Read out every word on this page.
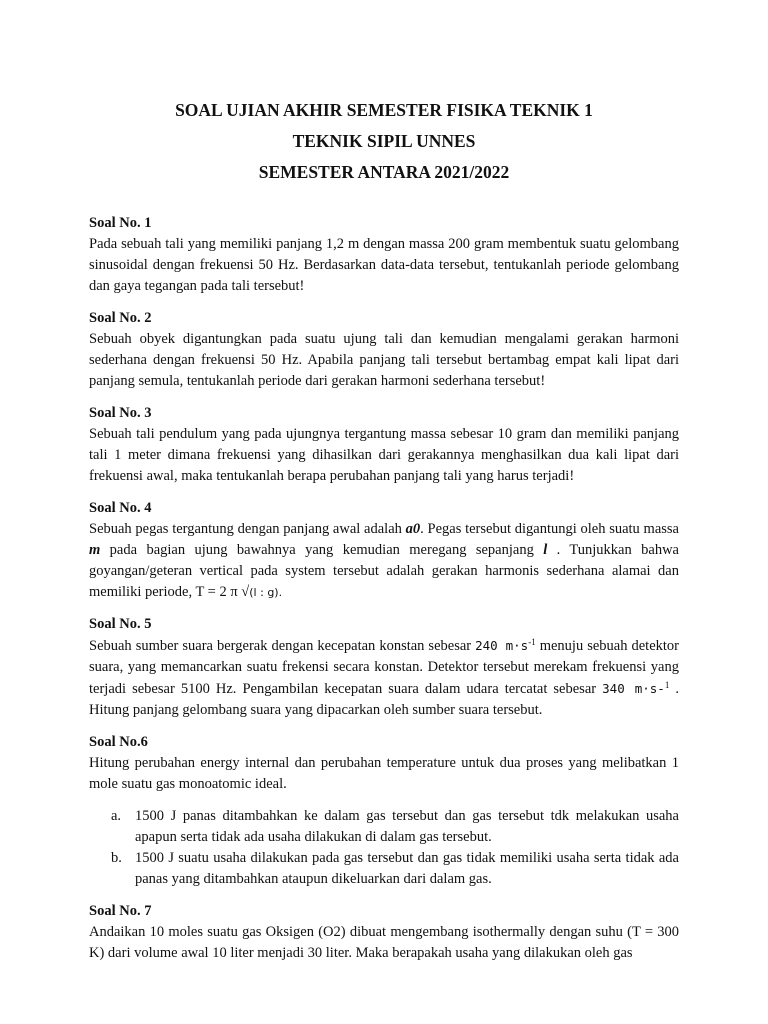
SOAL UJIAN AKHIR SEMESTER FISIKA TEKNIK 1
TEKNIK SIPIL UNNES
SEMESTER ANTARA 2021/2022
Soal No. 1
Pada sebuah tali yang memiliki panjang 1,2 m dengan massa 200 gram membentuk suatu gelombang sinusoidal dengan frekuensi 50 Hz. Berdasarkan data-data tersebut, tentukanlah periode gelombang dan gaya tegangan pada tali tersebut!
Soal No. 2
Sebuah obyek digantungkan pada suatu ujung tali dan kemudian mengalami gerakan harmoni sederhana dengan frekuensi 50 Hz. Apabila panjang tali tersebut bertambag empat kali lipat dari panjang semula, tentukanlah periode dari gerakan harmoni sederhana tersebut!
Soal No. 3
Sebuah tali pendulum yang pada ujungnya tergantung massa sebesar 10 gram dan memiliki panjang tali 1 meter dimana frekuensi yang dihasilkan dari gerakannya menghasilkan dua kali lipat dari frekuensi awal, maka tentukanlah berapa perubahan panjang tali yang harus terjadi!
Soal No. 4
Sebuah pegas tergantung dengan panjang awal adalah a0. Pegas tersebut digantungi oleh suatu massa m pada bagian ujung bawahnya yang kemudian meregang sepanjang l . Tunjukkan bahwa goyangan/geteran vertical pada system tersebut adalah gerakan harmonis sederhana alamai dan memiliki periode, T = 2 π √(l : g).
Soal No. 5
Sebuah sumber suara bergerak dengan kecepatan konstan sebesar 240 $m\cdot s^{-1}$ menuju sebuah detektor suara, yang memancarkan suatu frekensi secara konstan. Detektor tersebut merekam frekuensi yang terjadi sebesar 5100 Hz. Pengambilan kecepatan suara dalam udara tercatat sebesar 340 m·s-$^1$ . Hitung panjang gelombang suara yang dipacarkan oleh sumber suara tersebut.
Soal No.6
Hitung perubahan energy internal dan perubahan temperature untuk dua proses yang melibatkan 1 mole suatu gas monoatomic ideal.
a. 1500 J panas ditambahkan ke dalam gas tersebut dan gas tersebut tdk melakukan usaha apapun serta tidak ada usaha dilakukan di dalam gas tersebut.
b. 1500 J suatu usaha dilakukan pada gas tersebut dan gas tidak memiliki usaha serta tidak ada panas yang ditambahkan ataupun dikeluarkan dari dalam gas.
Soal No. 7
Andaikan 10 moles suatu gas Oksigen (O2) dibuat mengembang isothermally dengan suhu (T = 300 K) dari volume awal 10 liter menjadi 30 liter. Maka berapakah usaha yang dilakukan oleh gas
